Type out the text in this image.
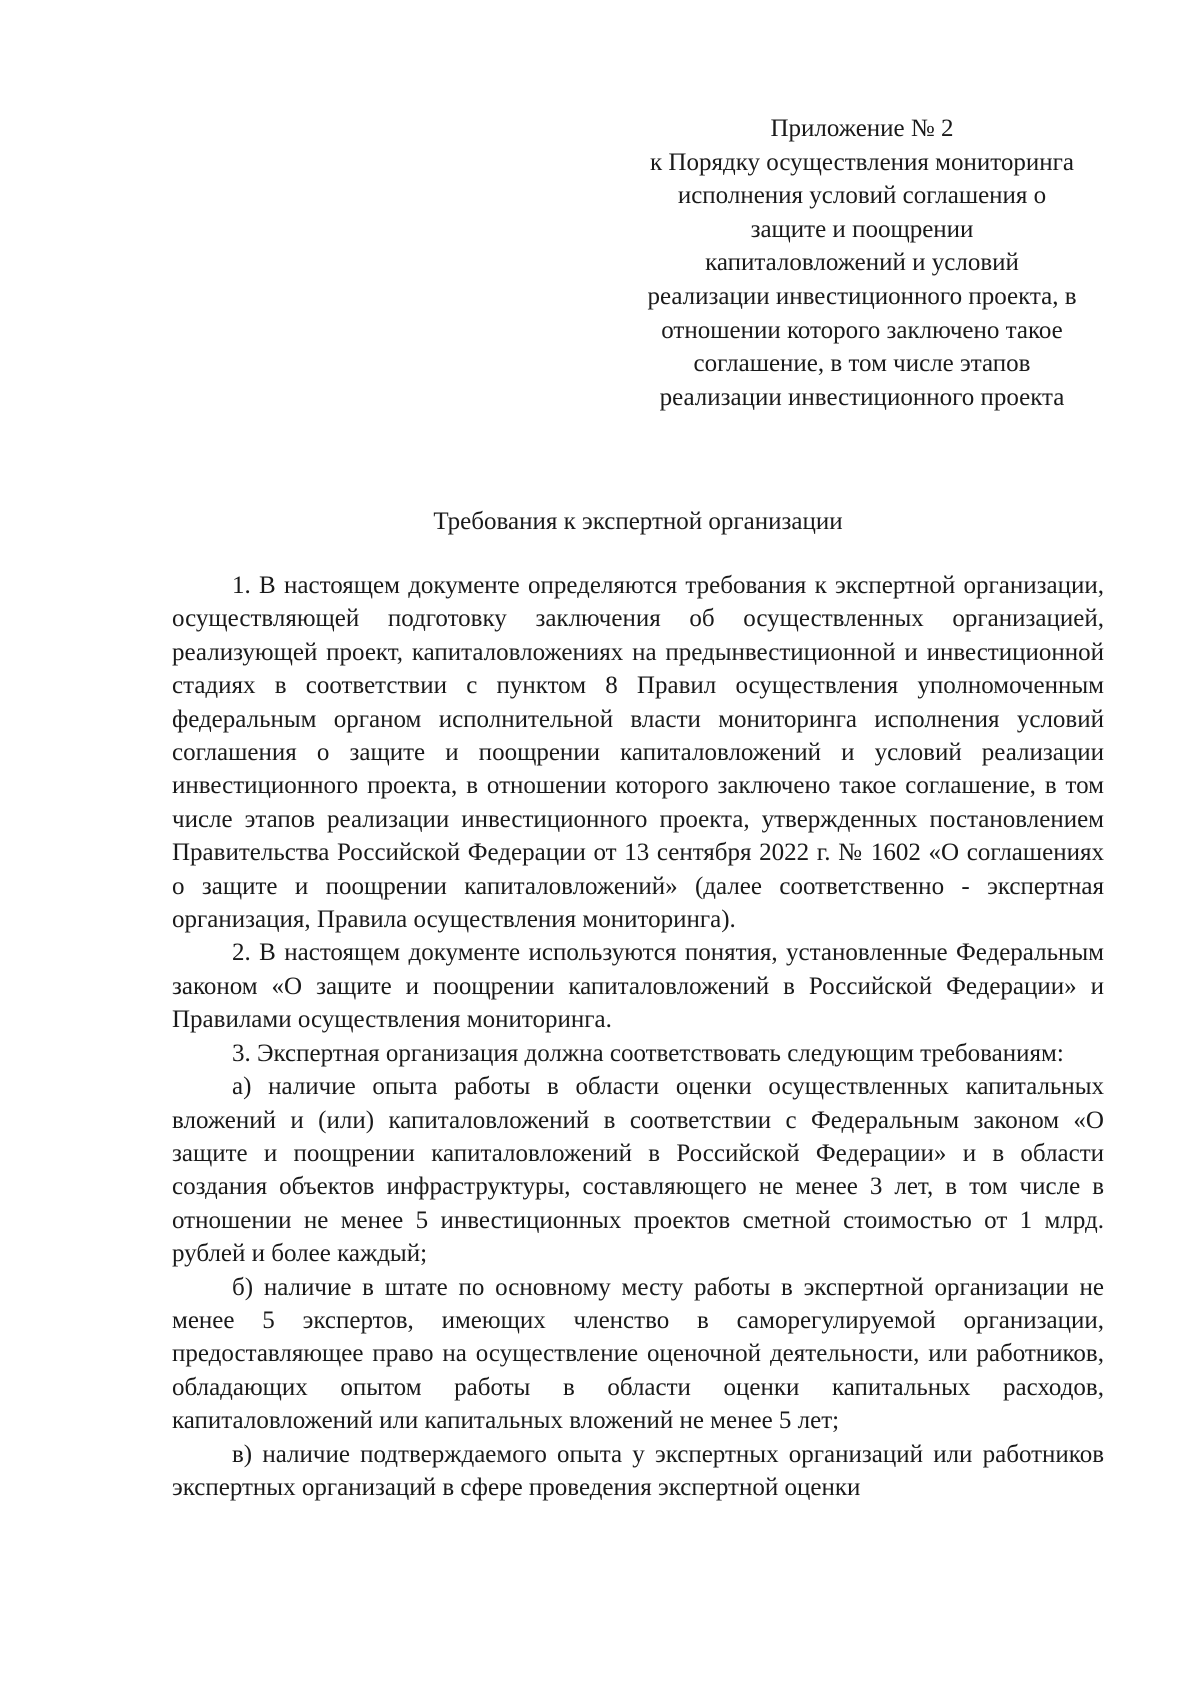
Приложение № 2
к Порядку осуществления мониторинга
исполнения условий соглашения о
защите и поощрении
капиталовложений и условий
реализации инвестиционного проекта, в
отношении которого заключено такое
соглашение, в том числе этапов
реализации инвестиционного проекта
Требования к экспертной организации

1. В настоящем документе определяются требования к экспертной организации, осуществляющей подготовку заключения об осуществленных организацией, реализующей проект, капиталовложениях на предынвестиционной и инвестиционной стадиях в соответствии с пунктом 8 Правил осуществления уполномоченным федеральным органом исполнительной власти мониторинга исполнения условий соглашения о защите и поощрении капиталовложений и условий реализации инвестиционного проекта, в отношении которого заключено такое соглашение, в том числе этапов реализации инвестиционного проекта, утвержденных постановлением Правительства Российской Федерации от 13 сентября 2022 г. № 1602 «О соглашениях о защите и поощрении капиталовложений» (далее соответственно - экспертная организация, Правила осуществления мониторинга).

2. В настоящем документе используются понятия, установленные Федеральным законом «О защите и поощрении капиталовложений в Российской Федерации» и Правилами осуществления мониторинга.

3. Экспертная организация должна соответствовать следующим требованиям:

а) наличие опыта работы в области оценки осуществленных капитальных вложений и (или) капиталовложений в соответствии с Федеральным законом «О защите и поощрении капиталовложений в Российской Федерации» и в области создания объектов инфраструктуры, составляющего не менее 3 лет, в том числе в отношении не менее 5 инвестиционных проектов сметной стоимостью от 1 млрд. рублей и более каждый;

б) наличие в штате по основному месту работы в экспертной организации не менее 5 экспертов, имеющих членство в саморегулируемой организации, предоставляющее право на осуществление оценочной деятельности, или работников, обладающих опытом работы в области оценки капитальных расходов, капиталовложений или капитальных вложений не менее 5 лет;

в) наличие подтверждаемого опыта у экспертных организаций или работников экспертных организаций в сфере проведения экспертной оценки
